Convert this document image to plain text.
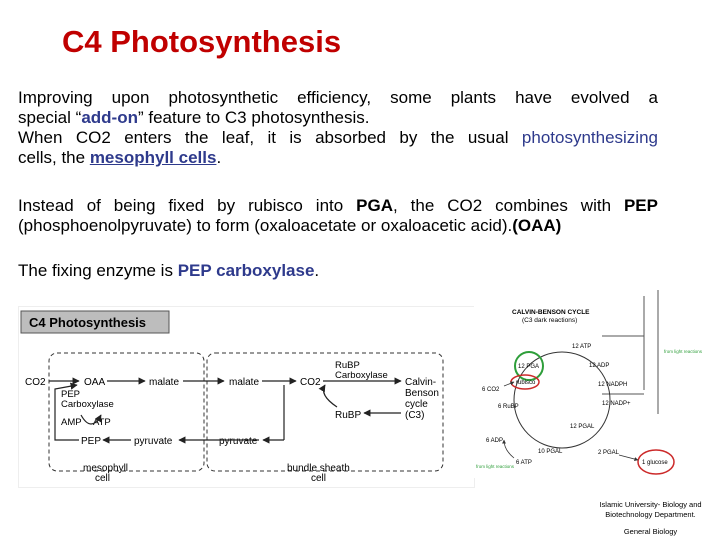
C4 Photosynthesis
Improving upon photosynthetic efficiency, some plants have evolved a
special “add-on” feature to C3 photosynthesis.

When CO2 enters the leaf, it is absorbed by the usual photosynthesizing
cells, the mesophyll cells.
Instead of being fixed by rubisco into PGA, the CO2 combines with PEP
(phosphoenolpyruvate) to form (oxaloacetate or oxaloacetic acid).(OAA)
The fixing enzyme is PEP carboxylase.
C4 Photosynthesis
CO2	OAA	malate	malate	CO2
RuBP
Carboxylase
Calvin-
Benson
cycle
(C3)
RuBP
PEP
Carboxylase
AMP ATP
PEP	pyruvate	pyruvate
mesophyll
cell
bundle sheath
cell
CALVIN-BENSON CYCLE
(C3 dark reactions)
12 ATP
12 ADP
12 PGA
12 NADPH
6 CO2
rubisco
6 RuBP	12 NADP+
12 PGAL
6 ADP
10 PGAL	2 PGAL
1 glucose
6 ATP
from light reactions
from light reactions
Islamic University- Biology and
Biotechnology Department.
General Biology
